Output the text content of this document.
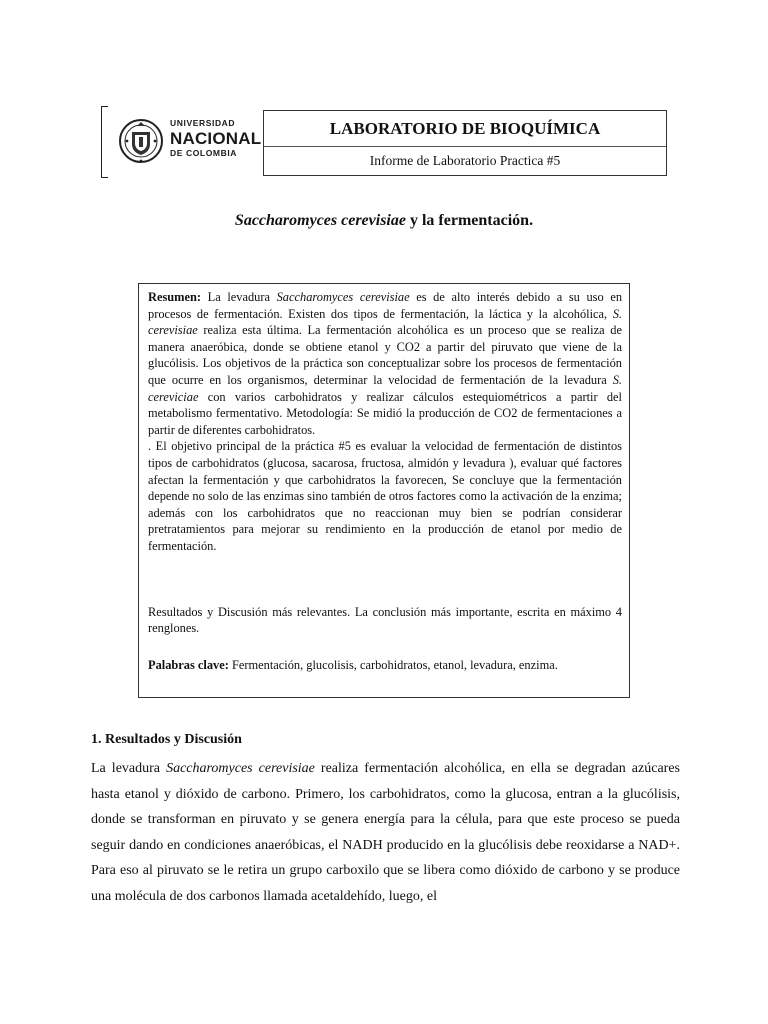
UNIVERSIDAD
NACIONAL
DE COLOMBIA
LABORATORIO DE BIOQUÍMICA
Informe de Laboratorio Practica #5
Saccharomyces cerevisiae y la fermentación.

Resumen: La levadura Saccharomyces cerevisiae es de alto interés debido a su uso en procesos de fermentación. Existen dos tipos de fermentación, la láctica y la alcohólica, S. cerevisiae realiza esta última. La fermentación alcohólica es un proceso que se realiza de manera anaeróbica, donde se obtiene etanol y CO2 a partir del piruvato que viene de la glucólisis. Los objetivos de la práctica son conceptualizar sobre los procesos de fermentación que ocurre en los organismos, determinar la velocidad de fermentación de la levadura S. cereviciae con varios carbohidratos y realizar cálculos estequiométricos a partir del metabolismo fermentativo. Metodología: Se midió la producción de CO2 de fermentaciones a partir de diferentes carbohidratos.

. El objetivo principal de la práctica #5 es evaluar la velocidad de fermentación de distintos tipos de carbohidratos (glucosa, sacarosa, fructosa, almidón y levadura ), evaluar qué factores afectan la fermentación y que carbohidratos la favorecen, Se concluye que la fermentación depende no solo de las enzimas sino también de otros factores como la activación de la enzima; además con los carbohidratos que no reaccionan muy bien se podrían considerar pretratamientos para mejorar su rendimiento en la producción de etanol por medio de fermentación.

Resultados y Discusión más relevantes. La conclusión más importante, escrita en máximo 4 renglones.

Palabras clave: Fermentación, glucolisis, carbohidratos, etanol, levadura, enzima.

1. Resultados y Discusión

La levadura Saccharomyces cerevisiae realiza fermentación alcohólica, en ella se degradan azúcares hasta etanol y dióxido de carbono. Primero, los carbohidratos, como la glucosa, entran a la glucólisis, donde se transforman en piruvato y se genera energía para la célula, para que este proceso se pueda seguir dando en condiciones anaeróbicas, el NADH producido en la glucólisis debe reoxidarse a NAD+. Para eso al piruvato se le retira un grupo carboxilo que se libera como dióxido de carbono y se produce una molécula de dos carbonos llamada acetaldehído, luego, el
